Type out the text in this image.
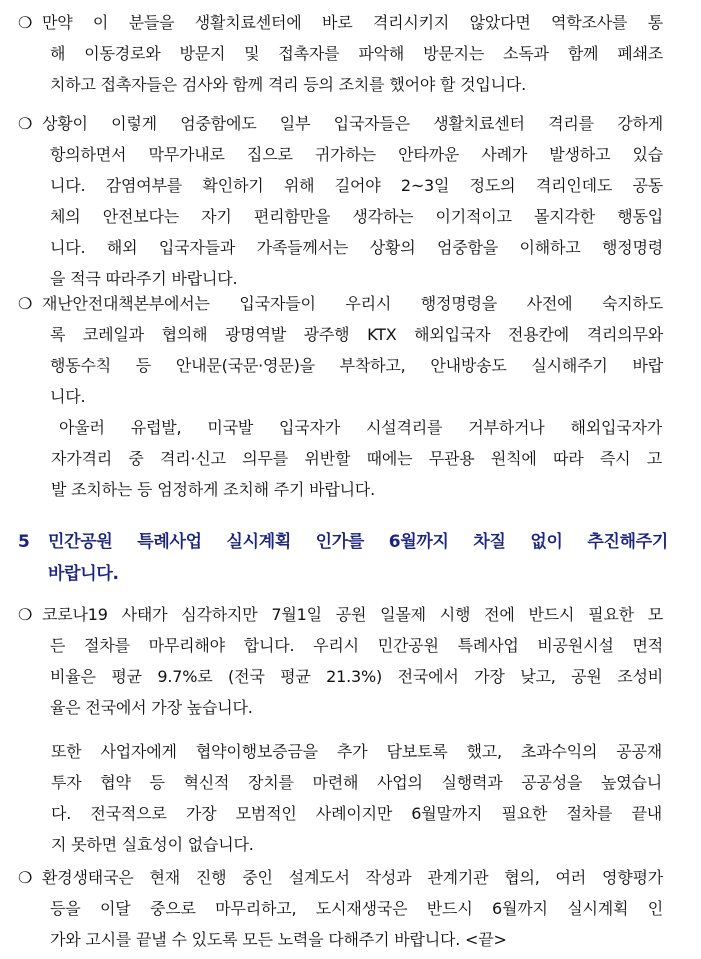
❍ 만약 이 분들을 생활치료센터에 바로 격리시키지 않았다면 역학조사를 통
해 이동경로와 방문지 및 접촉자를 파악해 방문지는 소독과 함께 폐쇄조
치하고 접촉자들은 검사와 함께 격리 등의 조치를 했어야 할 것입니다.
❍ 상황이 이렇게 엄중함에도 일부 입국자들은 생활치료센터 격리를 강하게
항의하면서 막무가내로 집으로 귀가하는 안타까운 사례가 발생하고 있습
니다. 감염여부를 확인하기 위해 길어야 2~3일 정도의 격리인데도 공동
체의 안전보다는 자기 편리함만을 생각하는 이기적이고 몰지각한 행동입
니다. 해외 입국자들과 가족들께서는 상황의 엄중함을 이해하고 행정명령
을 적극 따라주기 바랍니다.
❍ 재난안전대책본부에서는 입국자들이 우리시 행정명령을 사전에 숙지하도
록 코레일과 협의해 광명역발 광주행 KTX 해외입국자 전용칸에 격리의무와
행동수칙 등 안내문(국문·영문)을 부착하고, 안내방송도 실시해주기 바랍
니다.
아울러 유럽발, 미국발 입국자가 시설격리를 거부하거나 해외입국자가
자가격리 중 격리·신고 의무를 위반할 때에는 무관용 원칙에 따라 즉시 고
발 조치하는 등 엄정하게 조치해 주기 바랍니다.
5 민간공원 특례사업 실시계획 인가를 6월까지 차질 없이 추진해주기
바랍니다.
❍ 코로나19 사태가 심각하지만 7월1일 공원 일몰제 시행 전에 반드시 필요한 모
든 절차를 마무리해야 합니다. 우리시 민간공원 특례사업 비공원시설 면적
비율은 평균 9.7%로 (전국 평균 21.3%) 전국에서 가장 낮고, 공원 조성비
율은 전국에서 가장 높습니다.
또한 사업자에게 협약이행보증금을 추가 담보토록 했고, 초과수익의 공공재
투자 협약 등 혁신적 장치를 마련해 사업의 실행력과 공공성을 높였습니
다. 전국적으로 가장 모범적인 사례이지만 6월말까지 필요한 절차를 끝내
지 못하면 실효성이 없습니다.
❍ 환경생태국은 현재 진행 중인 설계도서 작성과 관계기관 협의, 여러 영향평가
등을 이달 중으로 마무리하고, 도시재생국은 반드시 6월까지 실시계획 인
가와 고시를 끝낼 수 있도록 모든 노력을 다해주기 바랍니다. <끝>
